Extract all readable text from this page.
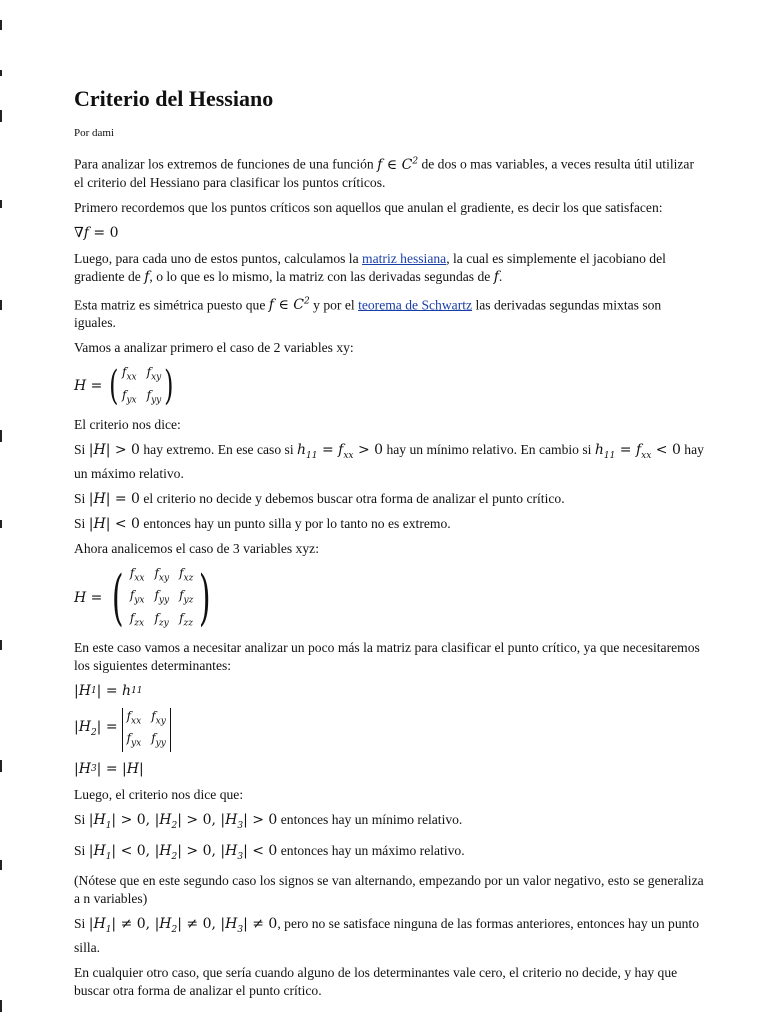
Criterio del Hessiano
Por dami

Para analizar los extremos de funciones de una función f ∈ $C^2$ de dos o mas variables, a veces resulta útil utilizar el criterio del Hessiano para clasificar los puntos críticos.

Primero recordemos que los puntos críticos son aquellos que anulan el gradiente, es decir los que satisfacen:

∇f = 0

Luego, para cada uno de estos puntos, calculamos la matriz hessiana, la cual es simplemente el jacobiano del gradiente de f, o lo que es lo mismo, la matriz con las derivadas segundas de f.

Esta matriz es simétrica puesto que f ∈ $C^2$ y por el teorema de Schwartz las derivadas segundas mixtas son iguales.

Vamos a analizar primero el caso de 2 variables xy:

H = ( $f_{xx}$ $f_{xy}$
$f_{yx}$ $f_{yy}$ )

El criterio nos dice:

Si |H| > 0 hay extremo. En ese caso si $h_{11} = f_{xx} > 0$ hay un mínimo relativo. En cambio si $h_{11} = f_{xx} < 0$ hay un máximo relativo.

Si |H| = 0 el criterio no decide y debemos buscar otra forma de analizar el punto crítico.

Si |H| < 0 entonces hay un punto silla y por lo tanto no es extremo.

Ahora analicemos el caso de 3 variables xyz:

H = ( $f_{xx}$ $f_{xy}$ $f_{xz}$
$f_{yx}$ $f_{yy}$ $f_{yz}$
$f_{zx}$ $f_{zy}$ $f_{zz}$ )

En este caso vamos a necesitar analizar un poco más la matriz para clasificar el punto crítico, ya que necesitaremos los siguientes determinantes:

| H 1 | = h 11
$|H_2|$ =
$f_{xx}$ $f_{xy}$
$f_{yx}$ $f_{yy}$
| H 3 | = | H |

Luego, el criterio nos dice que:

Si $|H_1| > 0$, $|H_2| > 0$, $|H_3| > 0$ entonces hay un mínimo relativo.

Si $|H_1| < 0$, $|H_2| > 0$, $|H_3| < 0$ entonces hay un máximo relativo.

(Nótese que en este segundo caso los signos se van alternando, empezando por un valor negativo, esto se generaliza a n variables)

Si $|H_1| \ne 0$, $|H_2| \ne 0$, $|H_3| \ne 0$, pero no se satisface ninguna de las formas anteriores, entonces hay un punto silla.

En cualquier otro caso, que sería cuando alguno de los determinantes vale cero, el criterio no decide, y hay que buscar otra forma de analizar el punto crítico.
